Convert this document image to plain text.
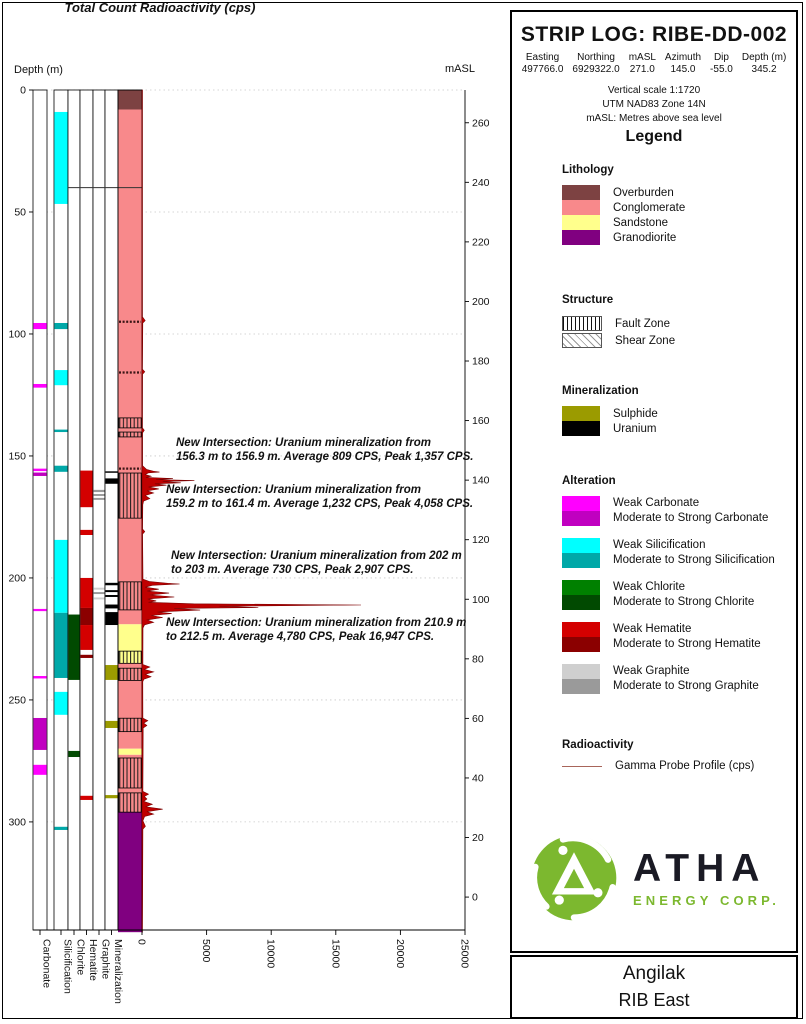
0
50
100
150
200
250
300
260
240
220
200
180
160
140
120
100
80
60
40
20
0
Carbonate Silicification Chlorite Hematite Graphite Mineralization 0	5000	10000	15000	20000	25000
Depth (m)	mASL
Total Count Radioactivity (cps)
New Intersection: Uranium mineralization from
156.3 m to 156.9 m. Average 809 CPS, Peak 1,357 CPS.
New Intersection: Uranium mineralization from
159.2 m to 161.4 m. Average 1,232 CPS, Peak 4,058 CPS.
New Intersection: Uranium mineralization from 202 m
to 203 m. Average 730 CPS, Peak 2,907 CPS.
New Intersection: Uranium mineralization from 210.9 m
to 212.5 m. Average 4,780 CPS, Peak 16,947 CPS.
STRIP LOG: RIBE-DD-002
Easting
497766.0
Northing
6929322.0
mASL
271.0
Azimuth
145.0
Dip
-55.0
Depth (m)
345.2
Vertical scale 1:1720
UTM NAD83 Zone 14N
mASL: Metres above sea level
Legend
Lithology
Overburden
Conglomerate
Sandstone
Granodiorite
Structure
Fault Zone
Shear Zone
Mineralization
Sulphide
Uranium
Alteration
Weak Carbonate
Moderate to Strong Carbonate
Weak Silicification
Moderate to Strong Silicification
Weak Chlorite
Moderate to Strong Chlorite
Weak Hematite
Moderate to Strong Hematite
Weak Graphite
Moderate to Strong Graphite
Radioactivity
Gamma Probe Profile (cps)
ATHA
ENERGY CORP.
Angilak
RIB East
